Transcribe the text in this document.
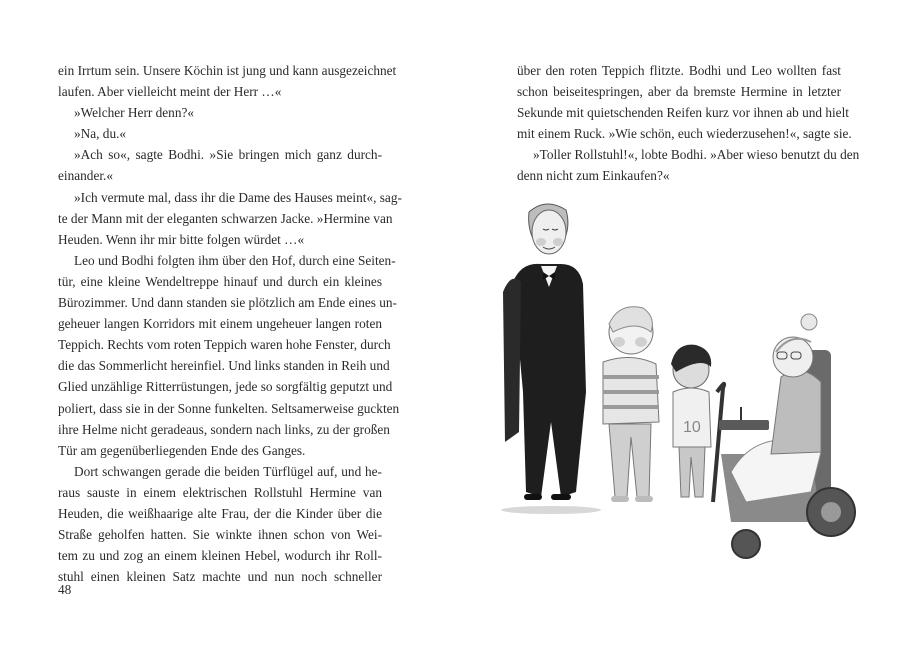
ein Irrtum sein. Unsere Köchin ist jung und kann ausgezeichnet
laufen. Aber vielleicht meint der Herr …«
»Welcher Herr denn?«
»Na, du.«
»Ach so«, sagte Bodhi. »Sie bringen mich ganz durch-
einander.«
»Ich vermute mal, dass ihr die Dame des Hauses meint«, sag-
te der Mann mit der eleganten schwarzen Jacke. »Hermine van
Heuden. Wenn ihr mir bitte folgen würdet …«
Leo und Bodhi folgten ihm über den Hof, durch eine Seiten-
tür, eine kleine Wendeltreppe hinauf und durch ein kleines
Bürozimmer. Und dann standen sie plötzlich am Ende eines un-
geheuer langen Korridors mit einem ungeheuer langen roten
Teppich. Rechts vom roten Teppich waren hohe Fenster, durch
die das Sommerlicht hereinfiel. Und links standen in Reih und
Glied unzählige Ritterrüstungen, jede so sorgfältig geputzt und
poliert, dass sie in der Sonne funkelten. Seltsamerweise guckten
ihre Helme nicht geradeaus, sondern nach links, zu der großen
Tür am gegenüberliegenden Ende des Ganges.
Dort schwangen gerade die beiden Türflügel auf, und he-
raus sauste in einem elektrischen Rollstuhl Hermine van
Heuden, die weißhaarige alte Frau, der die Kinder über die
Straße geholfen hatten. Sie winkte ihnen schon von Wei-
tem zu und zog an einem kleinen Hebel, wodurch ihr Roll-
stuhl einen kleinen Satz machte und nun noch schneller
48
über den roten Teppich flitzte. Bodhi und Leo wollten fast
schon beiseitespringen, aber da bremste Hermine in letzter
Sekunde mit quietschenden Reifen kurz vor ihnen ab und hielt
mit einem Ruck. »Wie schön, euch wiederzusehen!«, sagte sie.
»Toller Rollstuhl!«, lobte Bodhi. »Aber wieso benutzt du den
denn nicht zum Einkaufen?«
10
